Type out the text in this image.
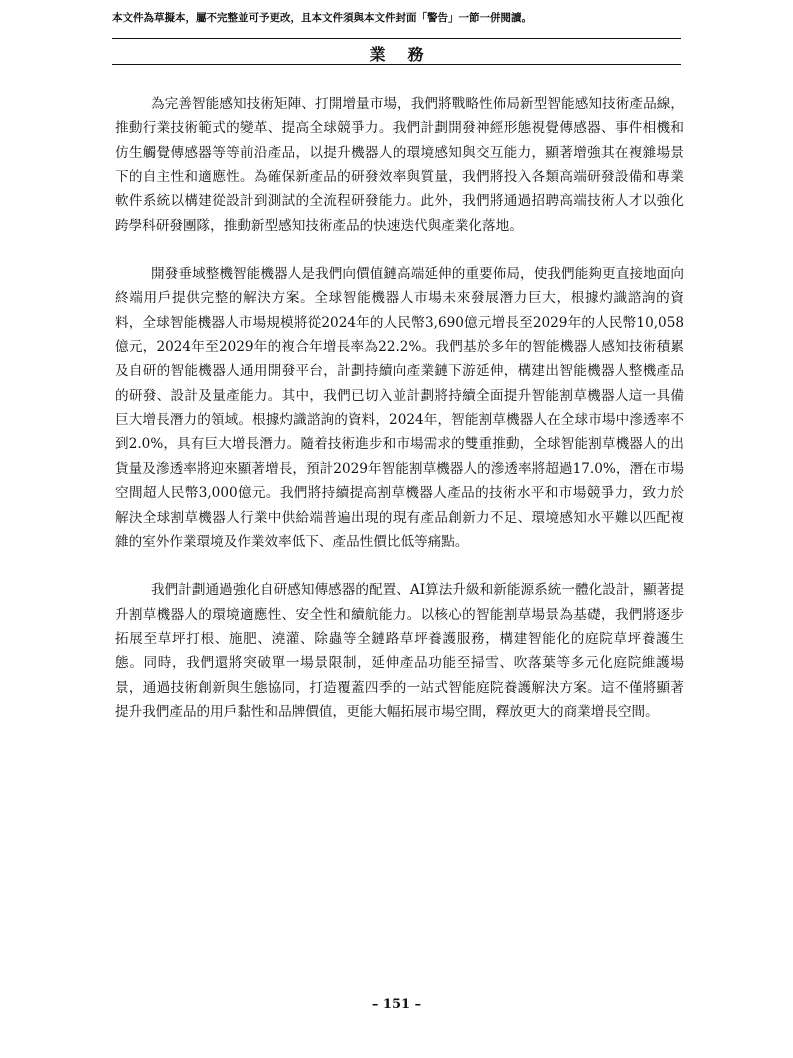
本文件為草擬本，屬不完整並可予更改，且本文件須與本文件封面「警告」一節一併閱讀。
業務

為完善智能感知技術矩陣、打開增量市場，我們將戰略性佈局新型智能感知技術產品線，推動行業技術範式的變革、提高全球競爭力。我們計劃開發神經形態視覺傳感器、事件相機和仿生觸覺傳感器等等前沿產品，以提升機器人的環境感知與交互能力，顯著增強其在複雜場景下的自主性和適應性。為確保新產品的研發效率與質量，我們將投入各類高端研發設備和專業軟件系統以構建從設計到測試的全流程研發能力。此外，我們將通過招聘高端技術人才以強化跨學科研發團隊，推動新型感知技術產品的快速迭代與產業化落地。

開發垂域整機智能機器人是我們向價值鏈高端延伸的重要佈局，使我們能夠更直接地面向終端用戶提供完整的解決方案。全球智能機器人市場未來發展潛力巨大，根據灼識諮詢的資料，全球智能機器人市場規模將從2024年的人民幣3,690億元增長至2029年的人民幣10,058億元，2024年至2029年的複合年增長率為22.2%。我們基於多年的智能機器人感知技術積累及自研的智能機器人通用開發平台，計劃持續向產業鏈下游延伸，構建出智能機器人整機產品的研發、設計及量產能力。其中，我們已切入並計劃將持續全面提升智能割草機器人這一具備巨大增長潛力的領域。根據灼識諮詢的資料，2024年，智能割草機器人在全球市場中滲透率不到2.0%，具有巨大增長潛力。隨着技術進步和市場需求的雙重推動，全球智能割草機器人的出貨量及滲透率將迎來顯著增長，預計2029年智能割草機器人的滲透率將超過17.0%，潛在市場空間超人民幣3,000億元。我們將持續提高割草機器人產品的技術水平和市場競爭力，致力於解決全球割草機器人行業中供給端普遍出現的現有產品創新力不足、環境感知水平難以匹配複雜的室外作業環境及作業效率低下、產品性價比低等痛點。

我們計劃通過強化自研感知傳感器的配置、AI算法升級和新能源系統一體化設計，顯著提升割草機器人的環境適應性、安全性和續航能力。以核心的智能割草場景為基礎，我們將逐步拓展至草坪打根、施肥、澆灌、除蟲等全鏈路草坪養護服務，構建智能化的庭院草坪養護生態。同時，我們還將突破單一場景限制，延伸產品功能至掃雪、吹落葉等多元化庭院維護場景，通過技術創新與生態協同，打造覆蓋四季的一站式智能庭院養護解決方案。這不僅將顯著提升我們產品的用戶黏性和品牌價值，更能大幅拓展市場空間，釋放更大的商業增長空間。

– 151 –
